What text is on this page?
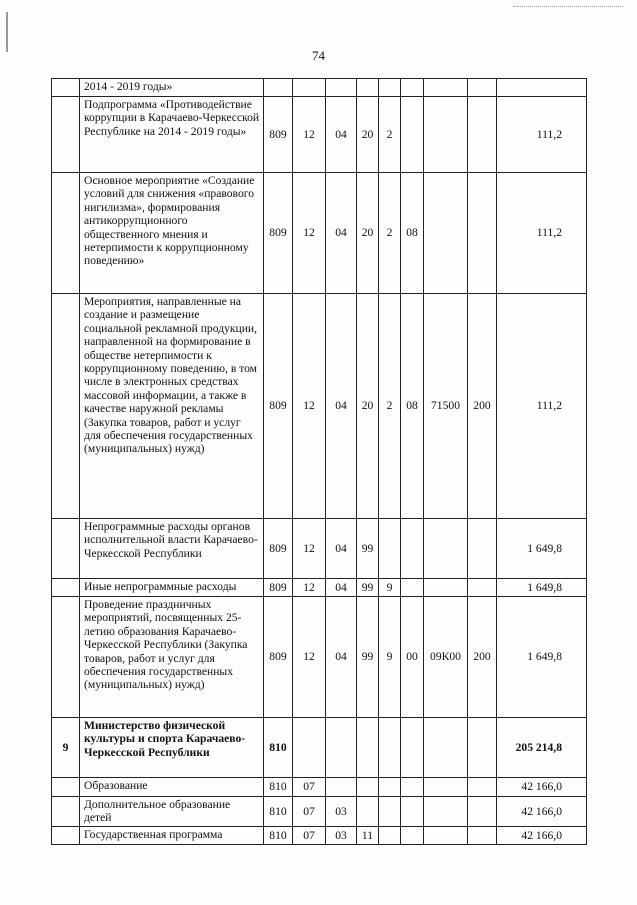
74
	2014 - 2019 годы»									
	Подпрограмма «Противодействие коррупции в Карачаево-Черкесской Республике на 2014 - 2019 годы»	809	12	04	20	2				111,2
	Основное мероприятие «Создание условий для снижения «правового нигилизма», формирования антикоррупционного общественного мнения и нетерпимости к коррупционному поведению»	809	12	04	20	2	08			111,2
	Мероприятия, направленные на создание и размещение социальной рекламной продукции, направленной на формирование в обществе нетерпимости к коррупционному поведению, в том числе в электронных средствах массовой информации, а также в качестве наружной рекламы (Закупка товаров, работ и услуг для обеспечения государственных (муниципальных) нужд)	809	12	04	20	2	08	71500	200	111,2
	Непрограммные расходы органов исполнительной власти Карачаево-Черкесской Республики	809	12	04	99					1 649,8
	Иные непрограммные расходы	809	12	04	99	9				1 649,8
	Проведение праздничных мероприятий, посвященных 25-летию образования Карачаево-Черкесской Республики (Закупка товаров, работ и услуг для обеспечения государственных (муниципальных) нужд)	809	12	04	99	9	00	09К00	200	1 649,8
9	Министерство физической культуры и спорта Карачаево-Черкесской Республики	810								205 214,8
	Образование	810	07							42 166,0
	Дополнительное образование детей	810	07	03						42 166,0
	Государственная программа	810	07	03	11					42 166,0
